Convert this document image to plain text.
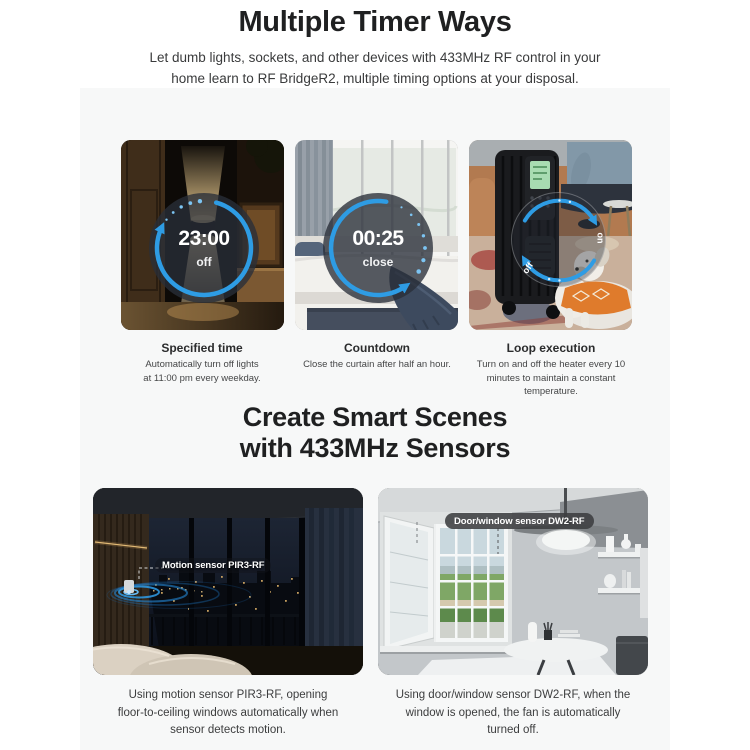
Multiple Timer Ways
Let dumb lights, sockets, and other devices with 433MHz RF control in your
home learn to RF BridgeR2, multiple timing options at your disposal.
23:00
off
00:25
close
on
off
Specified time
Automatically turn off lights
at 11:00 pm every weekday.
Countdown
Close the curtain after half an hour.
Loop execution
Turn on and off the heater every 10
minutes to maintain a constant
temperature.
Create Smart Scenes
with 433MHz Sensors
Motion sensor PIR3-RF
Door/window sensor DW2-RF
Using motion sensor PIR3-RF, opening
floor-to-ceiling windows automatically when
sensor detects motion.
Using door/window sensor DW2-RF, when the
window is opened, the fan is automatically
turned off.
